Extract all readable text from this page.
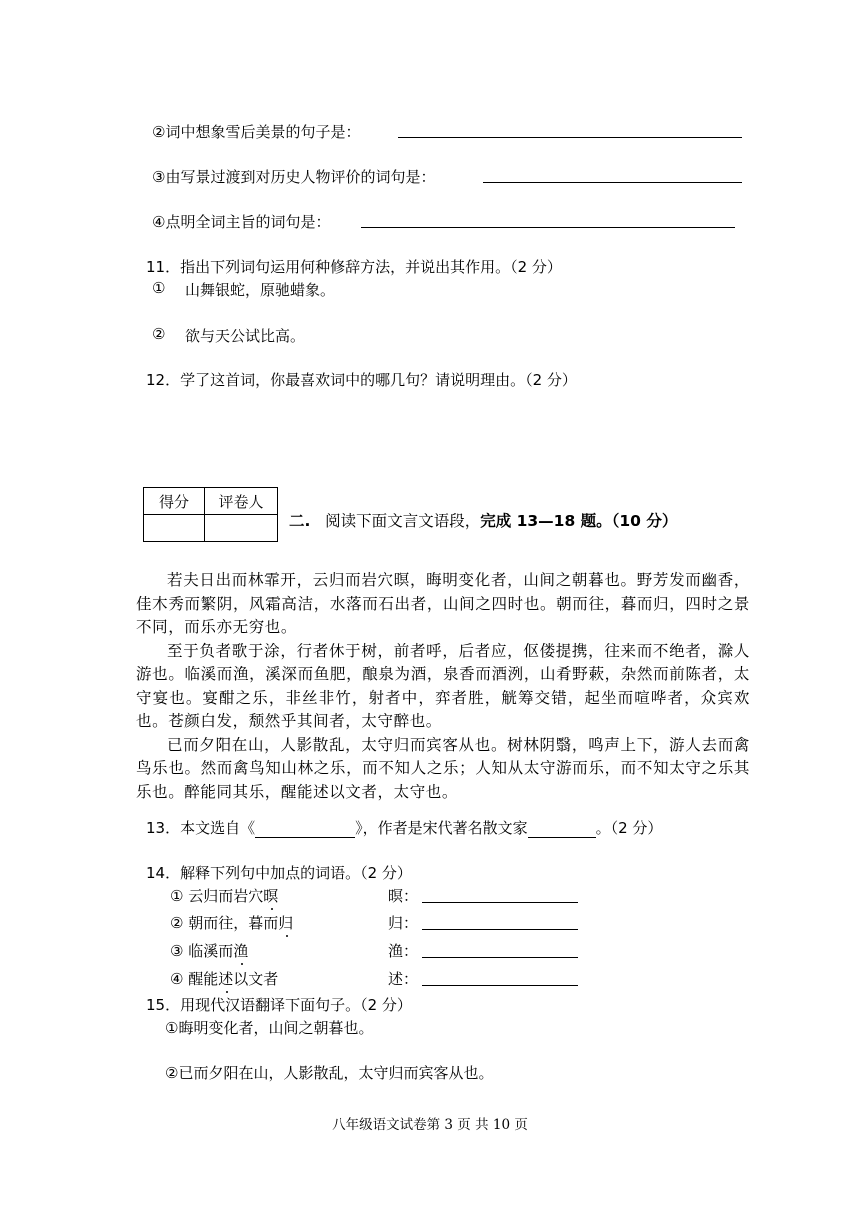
②词中想象雪后美景的句子是：
③由写景过渡到对历史人物评价的词句是：
④点明全词主旨的词句是：
11．指出下列词句运用何种修辞方法，并说出其作用。（2 分）
① 山舞银蛇，原驰蜡象。
② 欲与天公试比高。
12．学了这首词，你最喜欢词中的哪几句？请说明理由。（2 分）
得分	评卷人

二. 阅读下面文言文语段，完成 13—18 题。（10 分）

若夫日出而林霏开，云归而岩穴暝，晦明变化者，山间之朝暮也。野芳发而幽香，佳木秀而繁阴，风霜高洁，水落而石出者，山间之四时也。朝而往，暮而归，四时之景不同，而乐亦无穷也。

至于负者歌于涂，行者休于树，前者呼，后者应，伛偻提携，往来而不绝者，滁人游也。临溪而渔，溪深而鱼肥，酿泉为酒，泉香而酒洌，山肴野蔌，杂然而前陈者，太守宴也。宴酣之乐，非丝非竹，射者中，弈者胜，觥筹交错，起坐而喧哗者，众宾欢也。苍颜白发，颓然乎其间者，太守醉也。

已而夕阳在山，人影散乱，太守归而宾客从也。树林阴翳，鸣声上下，游人去而禽鸟乐也。然而禽鸟知山林之乐，而不知人之乐；人知从太守游而乐，而不知太守之乐其乐也。醉能同其乐，醒能述以文者，太守也。

13．本文选自《	》，作者是宋代著名散文家	。（2 分）
14．解释下列句中加点的词语。（2 分）
① 云归而岩穴暝	暝：
② 朝而往，暮而归	归：
③ 临溪而渔	渔：
④ 醒能述以文者	述：
15．用现代汉语翻译下面句子。（2 分）
①晦明变化者，山间之朝暮也。
②已而夕阳在山，人影散乱，太守归而宾客从也。
八年级语文试卷第 3 页 共 10 页
